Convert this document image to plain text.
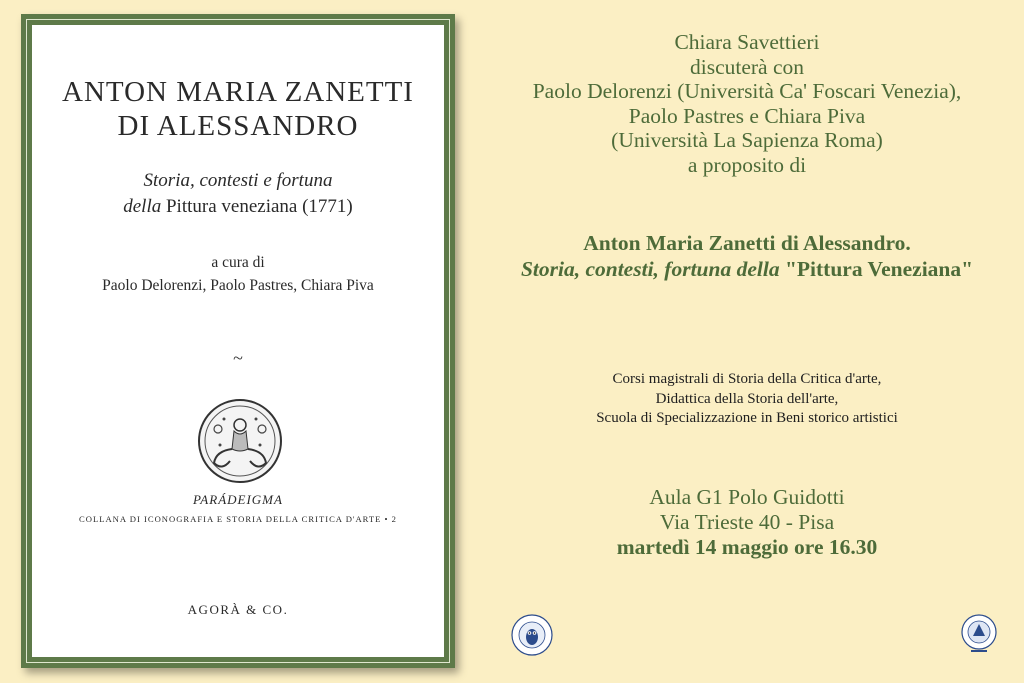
ANTON MARIA ZANETTI
DI ALESSANDRO
Storia, contesti e fortuna
della Pittura veneziana (1771)
a cura di
Paolo Delorenzi, Paolo Pastres, Chiara Piva
~
PARÁDEIGMA
COLLANA DI ICONOGRAFIA E STORIA DELLA CRITICA D'ARTE • 2
AGORÀ & CO.
Chiara Savettieri
discuterà con
Paolo Delorenzi (Università Ca' Foscari Venezia),
Paolo Pastres e Chiara Piva
(Università La Sapienza Roma)
a proposito di
Anton Maria Zanetti di Alessandro.
Storia, contesti, fortuna della "Pittura Veneziana"
Corsi magistrali di Storia della Critica d'arte,
Didattica della Storia dell'arte,
Scuola di Specializzazione in Beni storico artistici
Aula G1 Polo Guidotti
Via Trieste 40 - Pisa
martedì 14 maggio ore 16.30
